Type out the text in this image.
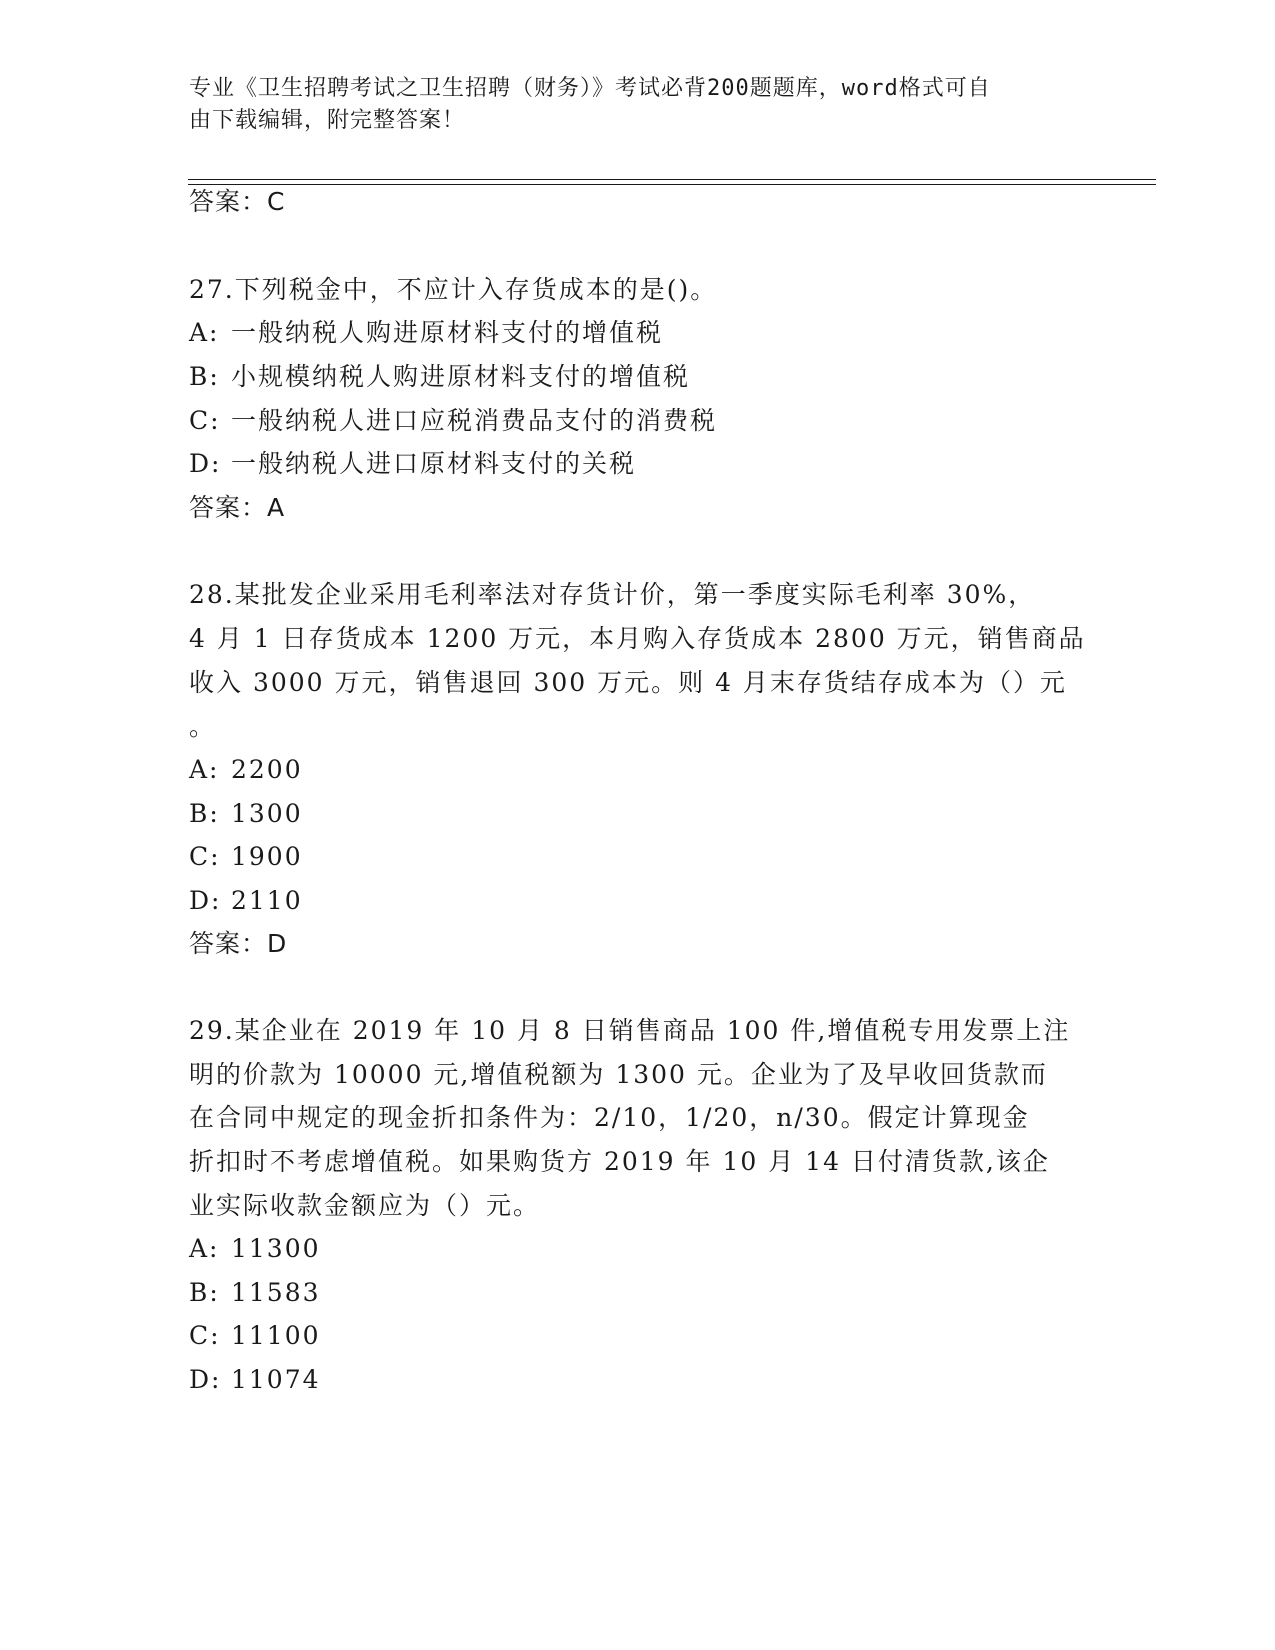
专业《卫生招聘考试之卫生招聘（财务）》考试必背200题题库，word格式可自
由下载编辑，附完整答案！
答案：C
27.下列税金中，不应计入存货成本的是()。
A: 一般纳税人购进原材料支付的增值税
B: 小规模纳税人购进原材料支付的增值税
C: 一般纳税人进口应税消费品支付的消费税
D: 一般纳税人进口原材料支付的关税
答案：A
28.某批发企业采用毛利率法对存货计价，第一季度实际毛利率 30%，
4 月 1 日存货成本 1200 万元，本月购入存货成本 2800 万元，销售商品
收入 3000 万元，销售退回 300 万元。则 4 月末存货结存成本为（）元
。
A: 2200
B: 1300
C: 1900
D: 2110
答案：D
29.某企业在 2019 年 10 月 8 日销售商品 100 件,增值税专用发票上注
明的价款为 10000 元,增值税额为 1300 元。企业为了及早收回货款而
在合同中规定的现金折扣条件为：2/10，1/20，n/30。假定计算现金
折扣时不考虑增值税。如果购货方 2019 年 10 月 14 日付清货款,该企
业实际收款金额应为（）元。
A: 11300
B: 11583
C: 11100
D: 11074
